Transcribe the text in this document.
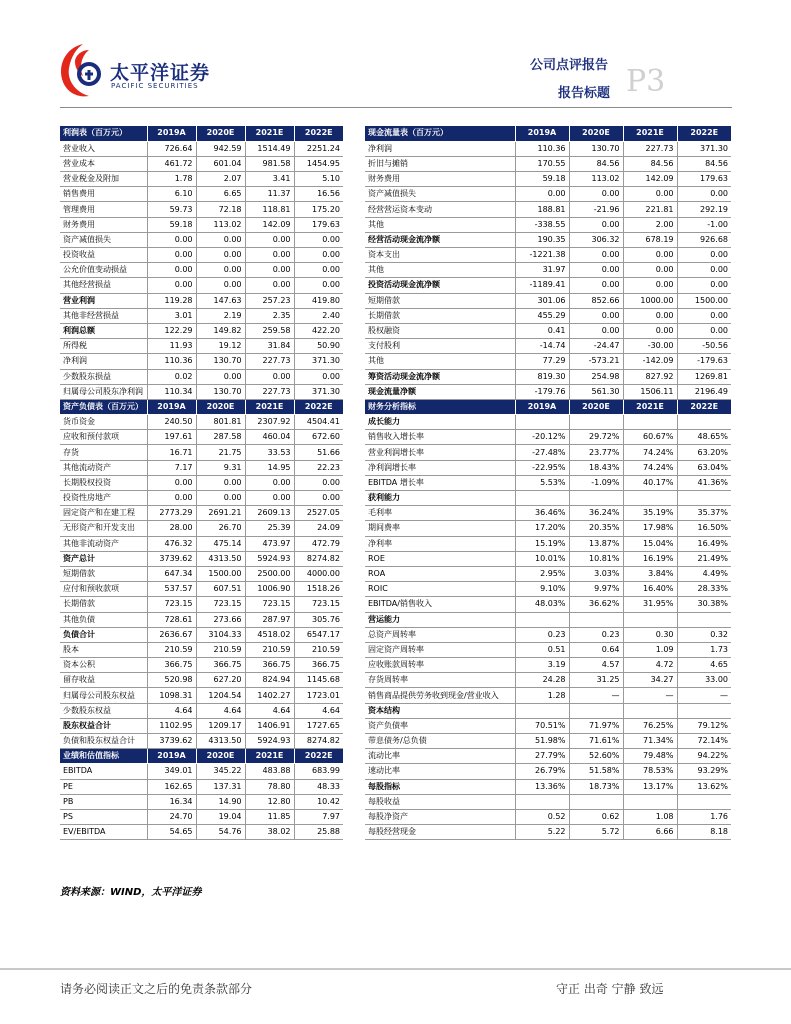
太平洋证券
PACIFIC SECURITIES
公司点评报告
报告标题 P3
利润表（百万元）	2019A	2020E	2021E	2022E
营业收入	726.64	942.59	1514.49	2251.24
营业成本	461.72	601.04	981.58	1454.95
营业税金及附加	1.78	2.07	3.41	5.10
销售费用	6.10	6.65	11.37	16.56
管理费用	59.73	72.18	118.81	175.20
财务费用	59.18	113.02	142.09	179.63
资产减值损失	0.00	0.00	0.00	0.00
投资收益	0.00	0.00	0.00	0.00
公允价值变动损益	0.00	0.00	0.00	0.00
其他经营损益	0.00	0.00	0.00	0.00
营业利润	119.28	147.63	257.23	419.80
其他非经营损益	3.01	2.19	2.35	2.40
利润总额	122.29	149.82	259.58	422.20
所得税	11.93	19.12	31.84	50.90
净利润	110.36	130.70	227.73	371.30
少数股东损益	0.02	0.00	0.00	0.00
归属母公司股东净利润	110.34	130.70	227.73	371.30
资产负债表（百万元）	2019A	2020E	2021E	2022E
货币资金	240.50	801.81	2307.92	4504.41
应收和预付款项	197.61	287.58	460.04	672.60
存货	16.71	21.75	33.53	51.66
其他流动资产	7.17	9.31	14.95	22.23
长期股权投资	0.00	0.00	0.00	0.00
投资性房地产	0.00	0.00	0.00	0.00
固定资产和在建工程	2773.29	2691.21	2609.13	2527.05
无形资产和开发支出	28.00	26.70	25.39	24.09
其他非流动资产	476.32	475.14	473.97	472.79
资产总计	3739.62	4313.50	5924.93	8274.82
短期借款	647.34	1500.00	2500.00	4000.00
应付和预收款项	537.57	607.51	1006.90	1518.26
长期借款	723.15	723.15	723.15	723.15
其他负债	728.61	273.66	287.97	305.76
负债合计	2636.67	3104.33	4518.02	6547.17
股本	210.59	210.59	210.59	210.59
资本公积	366.75	366.75	366.75	366.75
留存收益	520.98	627.20	824.94	1145.68
归属母公司股东权益	1098.31	1204.54	1402.27	1723.01
少数股东权益	4.64	4.64	4.64	4.64
股东权益合计	1102.95	1209.17	1406.91	1727.65
负债和股东权益合计	3739.62	4313.50	5924.93	8274.82
业绩和估值指标	2019A	2020E	2021E	2022E
EBITDA	349.01	345.22	483.88	683.99
PE	162.65	137.31	78.80	48.33
PB	16.34	14.90	12.80	10.42
PS	24.70	19.04	11.85	7.97
EV/EBITDA	54.65	54.76	38.02	25.88
现金流量表（百万元）	2019A	2020E	2021E	2022E
净利润	110.36	130.70	227.73	371.30
折旧与摊销	170.55	84.56	84.56	84.56
财务费用	59.18	113.02	142.09	179.63
资产减值损失	0.00	0.00	0.00	0.00
经营营运资本变动	188.81	-21.96	221.81	292.19
其他	-338.55	0.00	2.00	-1.00
经营活动现金流净额	190.35	306.32	678.19	926.68
资本支出	-1221.38	0.00	0.00	0.00
其他	31.97	0.00	0.00	0.00
投资活动现金流净额	-1189.41	0.00	0.00	0.00
短期借款	301.06	852.66	1000.00	1500.00
长期借款	455.29	0.00	0.00	0.00
股权融资	0.41	0.00	0.00	0.00
支付股利	-14.74	-24.47	-30.00	-50.56
其他	77.29	-573.21	-142.09	-179.63
筹资活动现金流净额	819.30	254.98	827.92	1269.81
现金流量净额	-179.76	561.30	1506.11	2196.49
财务分析指标	2019A	2020E	2021E	2022E
成长能力				
销售收入增长率	-20.12%	29.72%	60.67%	48.65%
营业利润增长率	-27.48%	23.77%	74.24%	63.20%
净利润增长率	-22.95%	18.43%	74.24%	63.04%
EBITDA 增长率	5.53%	-1.09%	40.17%	41.36%
获利能力				
毛利率	36.46%	36.24%	35.19%	35.37%
期间费率	17.20%	20.35%	17.98%	16.50%
净利率	15.19%	13.87%	15.04%	16.49%
ROE	10.01%	10.81%	16.19%	21.49%
ROA	2.95%	3.03%	3.84%	4.49%
ROIC	9.10%	9.97%	16.40%	28.33%
EBITDA/销售收入	48.03%	36.62%	31.95%	30.38%
营运能力				
总资产周转率	0.23	0.23	0.30	0.32
固定资产周转率	0.51	0.64	1.09	1.73
应收账款周转率	3.19	4.57	4.72	4.65
存货周转率	24.28	31.25	34.27	33.00
销售商品提供劳务收到现金/营业收入	1.28	—	—	—
资本结构				
资产负债率	70.51%	71.97%	76.25%	79.12%
带息债务/总负债	51.98%	71.61%	71.34%	72.14%
流动比率	27.79%	52.60%	79.48%	94.22%
速动比率	26.79%	51.58%	78.53%	93.29%
每股指标	13.36%	18.73%	13.17%	13.62%
每股收益				
每股净资产	0.52	0.62	1.08	1.76
每股经营现金	5.22	5.72	6.66	8.18
资料来源：WIND，太平洋证券
请务必阅读正文之后的免责条款部分	守正 出奇 宁静 致远
